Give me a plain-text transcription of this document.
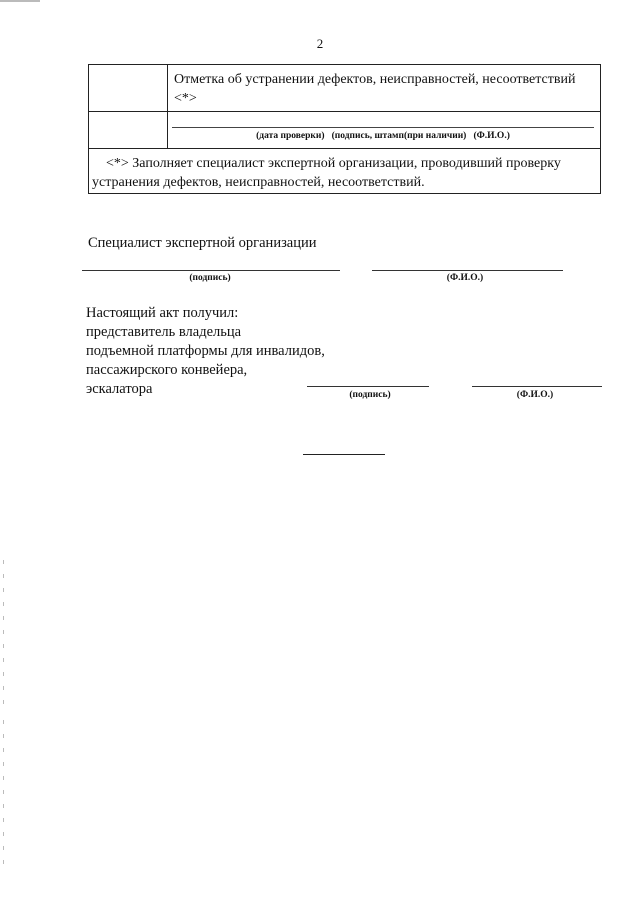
2
Отметка об устранении дефектов, неисправностей, несоответствий <*>
(дата проверки)   (подпись, штамп(при наличии)   (Ф.И.О.)
<*> Заполняет специалист экспертной организации, проводивший проверку устранения дефектов, неисправностей, несоответствий.
Специалист экспертной организации
(подпись)	(Ф.И.О.)
Настоящий акт получил:
представитель владельца
подъемной платформы для инвалидов,
пассажирского конвейера,
эскалатора	(подпись)	(Ф.И.О.)
